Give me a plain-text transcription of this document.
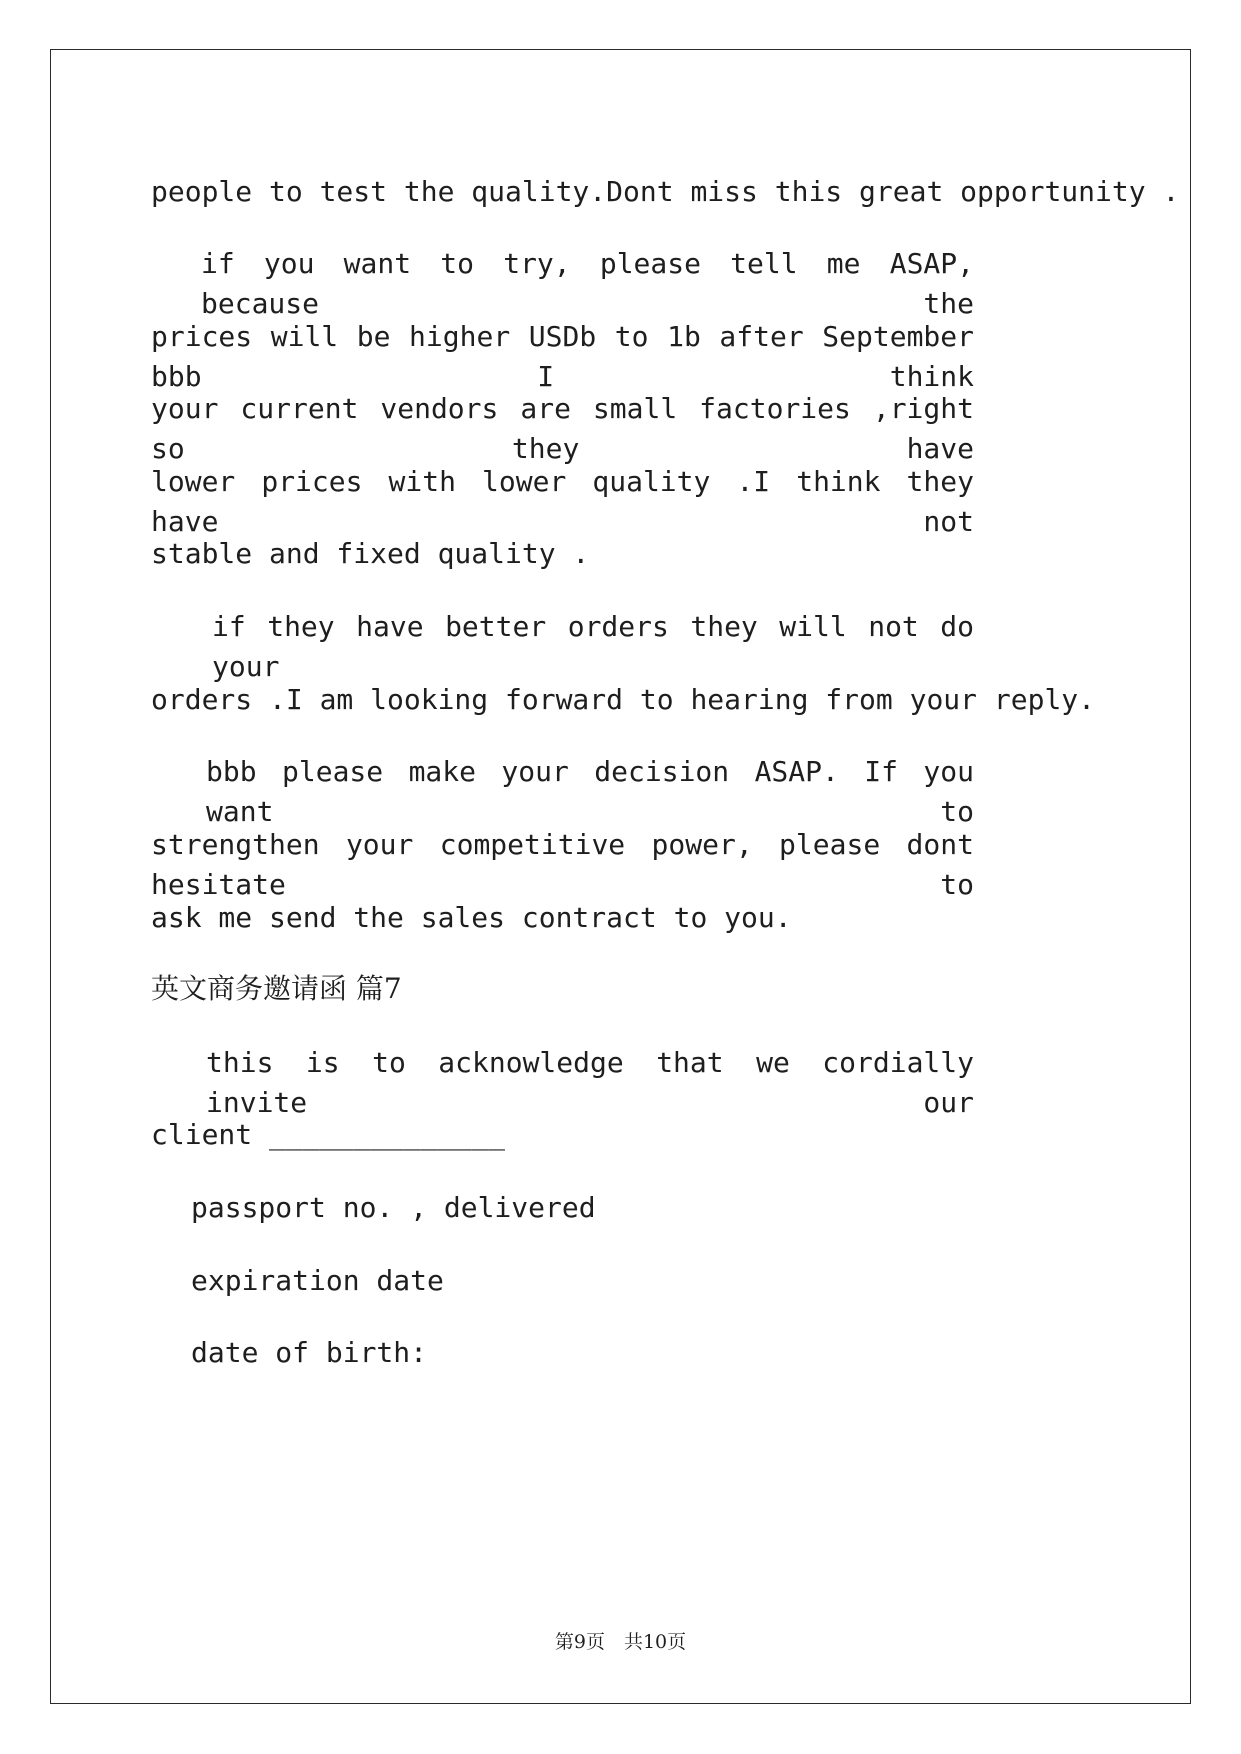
people to test the quality.Dont miss this great opportunity .
if you want to try, please tell me ASAP, because the
prices will be higher USDb to 1b after September bbb I think
your current vendors are small factories ,right so they have
lower prices with lower quality .I think they have not
stable and fixed quality .
if they have better orders they will not do your
orders .I am looking forward to hearing from your reply.
bbb please make your decision ASAP. If you want to
strengthen your competitive power, please dont hesitate to
ask me send the sales contract to you.
英文商务邀请函 篇7
this is to acknowledge that we cordially invite our
client ______________
passport no. , delivered
expiration date
date of birth:
第9页　共10页
